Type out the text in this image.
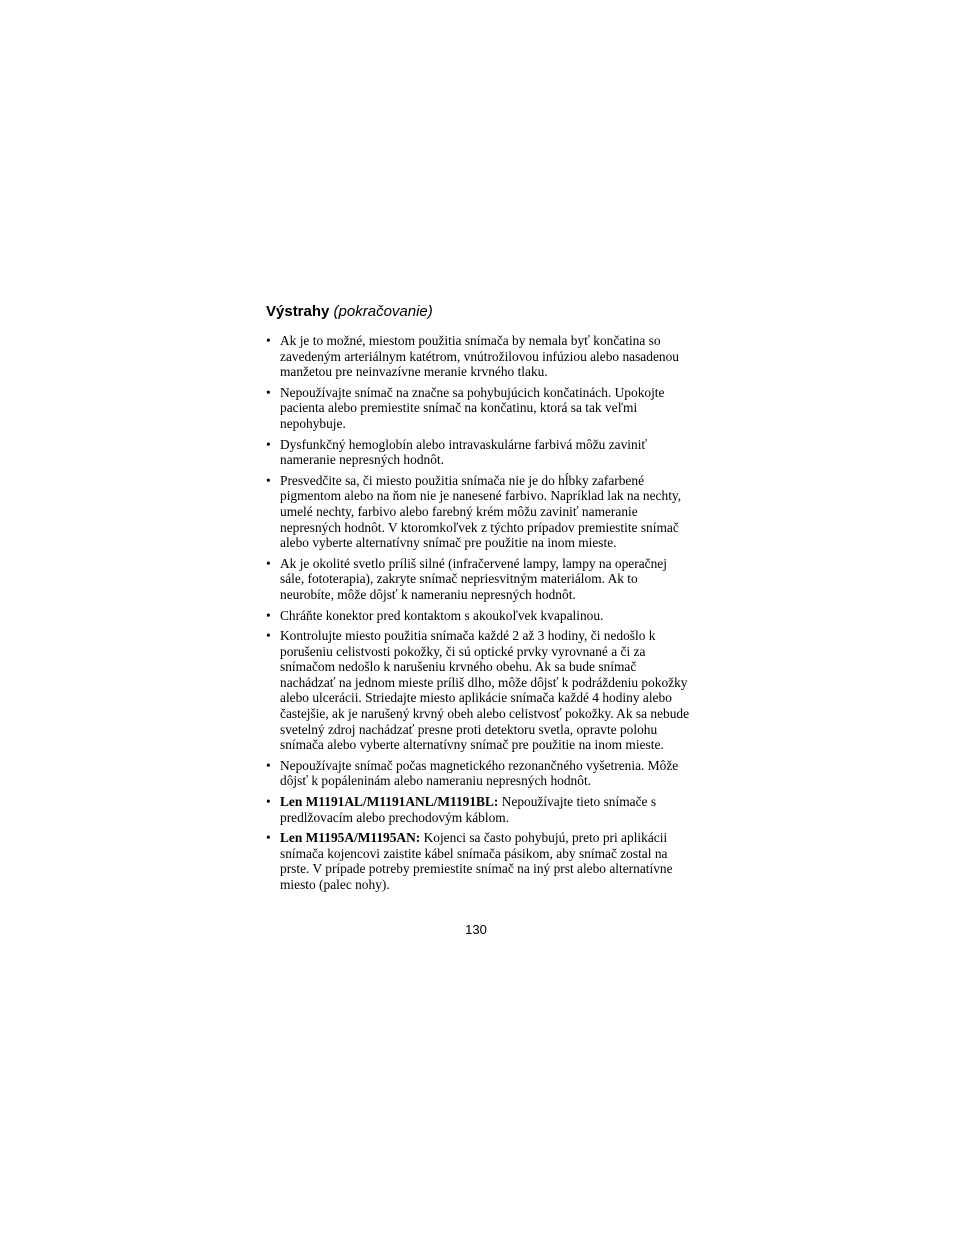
Výstrahy (pokračovanie)
• Ak je to možné, miestom použitia snímača by nemala byť končatina so zavedeným arteriálnym katétrom, vnútrožilovou infúziou alebo nasadenou manžetou pre neinvazívne meranie krvného tlaku.
• Nepoužívajte snímač na značne sa pohybujúcich končatinách. Upokojte pacienta alebo premiestite snímač na končatinu, ktorá sa tak veľmi nepohybuje.
• Dysfunkčný hemoglobín alebo intravaskulárne farbivá môžu zaviniť nameranie nepresných hodnôt.
• Presvedčite sa, či miesto použitia snímača nie je do hĺbky zafarbené pigmentom alebo na ňom nie je nanesené farbivo. Napríklad lak na nechty, umelé nechty, farbivo alebo farebný krém môžu zaviniť nameranie nepresných hodnôt. V ktoromkoľvek z týchto prípadov premiestite snímač alebo vyberte alternatívny snímač pre použitie na inom mieste.
• Ak je okolité svetlo príliš silné (infračervené lampy, lampy na operačnej sále, fototerapia), zakryte snímač nepriesvitným materiálom. Ak to neurobíte, môže dôjsť k nameraniu nepresných hodnôt.
• Chráňte konektor pred kontaktom s akoukoľvek kvapalinou.
• Kontrolujte miesto použitia snímača každé 2 až 3 hodiny, či nedošlo k porušeniu celistvosti pokožky, či sú optické prvky vyrovnané a či za snímačom nedošlo k narušeniu krvného obehu. Ak sa bude snímač nachádzať na jednom mieste príliš dlho, môže dôjsť k podráždeniu pokožky alebo ulcerácii. Striedajte miesto aplikácie snímača každé 4 hodiny alebo častejšie, ak je narušený krvný obeh alebo celistvosť pokožky. Ak sa nebude svetelný zdroj nachádzať presne proti detektoru svetla, opravte polohu snímača alebo vyberte alternatívny snímač pre použitie na inom mieste.
• Nepoužívajte snímač počas magnetického rezonančného vyšetrenia. Môže dôjsť k popáleninám alebo nameraniu nepresných hodnôt.
• Len M1191AL/M1191ANL/M1191BL: Nepoužívajte tieto snímače s predlžovacím alebo prechodovým káblom.
• Len M1195A/M1195AN: Kojenci sa často pohybujú, preto pri aplikácii snímača kojencovi zaistite kábel snímača pásikom, aby snímač zostal na prste. V prípade potreby premiestite snímač na iný prst alebo alternatívne miesto (palec nohy).
130
